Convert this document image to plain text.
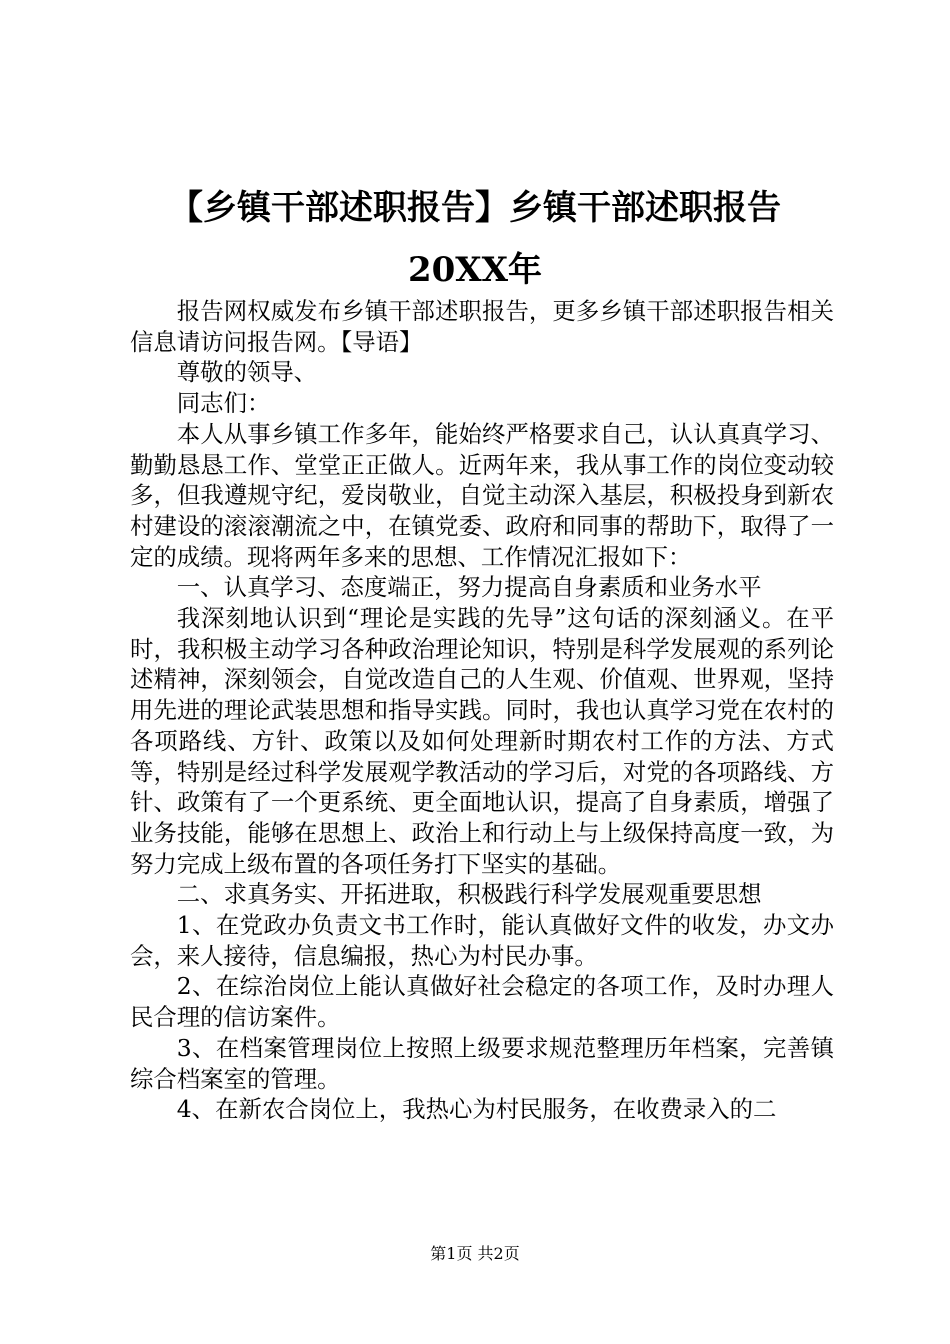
【乡镇干部述职报告】乡镇干部述职报告
20XX年

报告网权威发布乡镇干部述职报告，更多乡镇干部述职报告相关信息请访问报告网。【导语】

尊敬的领导、

同志们：

本人从事乡镇工作多年，能始终严格要求自己，认认真真学习、勤勤恳恳工作、堂堂正正做人。近两年来，我从事工作的岗位变动较多，但我遵规守纪，爱岗敬业，自觉主动深入基层，积极投身到新农村建设的滚滚潮流之中，在镇党委、政府和同事的帮助下，取得了一定的成绩。现将两年多来的思想、工作情况汇报如下：

一、认真学习、态度端正，努力提高自身素质和业务水平

我深刻地认识到“理论是实践的先导”这句话的深刻涵义。在平时，我积极主动学习各种政治理论知识，特别是科学发展观的系列论述精神，深刻领会，自觉改造自己的人生观、价值观、世界观，坚持用先进的理论武装思想和指导实践。同时，我也认真学习党在农村的各项路线、方针、政策以及如何处理新时期农村工作的方法、方式等，特别是经过科学发展观学教活动的学习后，对党的各项路线、方针、政策有了一个更系统、更全面地认识，提高了自身素质，增强了业务技能，能够在思想上、政治上和行动上与上级保持高度一致，为努力完成上级布置的各项任务打下坚实的基础。

二、求真务实、开拓进取，积极践行科学发展观重要思想

1、在党政办负责文书工作时，能认真做好文件的收发，办文办会，来人接待，信息编报，热心为村民办事。

2、在综治岗位上能认真做好社会稳定的各项工作，及时办理人民合理的信访案件。

3、在档案管理岗位上按照上级要求规范整理历年档案，完善镇综合档案室的管理。

4、在新农合岗位上，我热心为村民服务，在收费录入的二

第1页 共2页
